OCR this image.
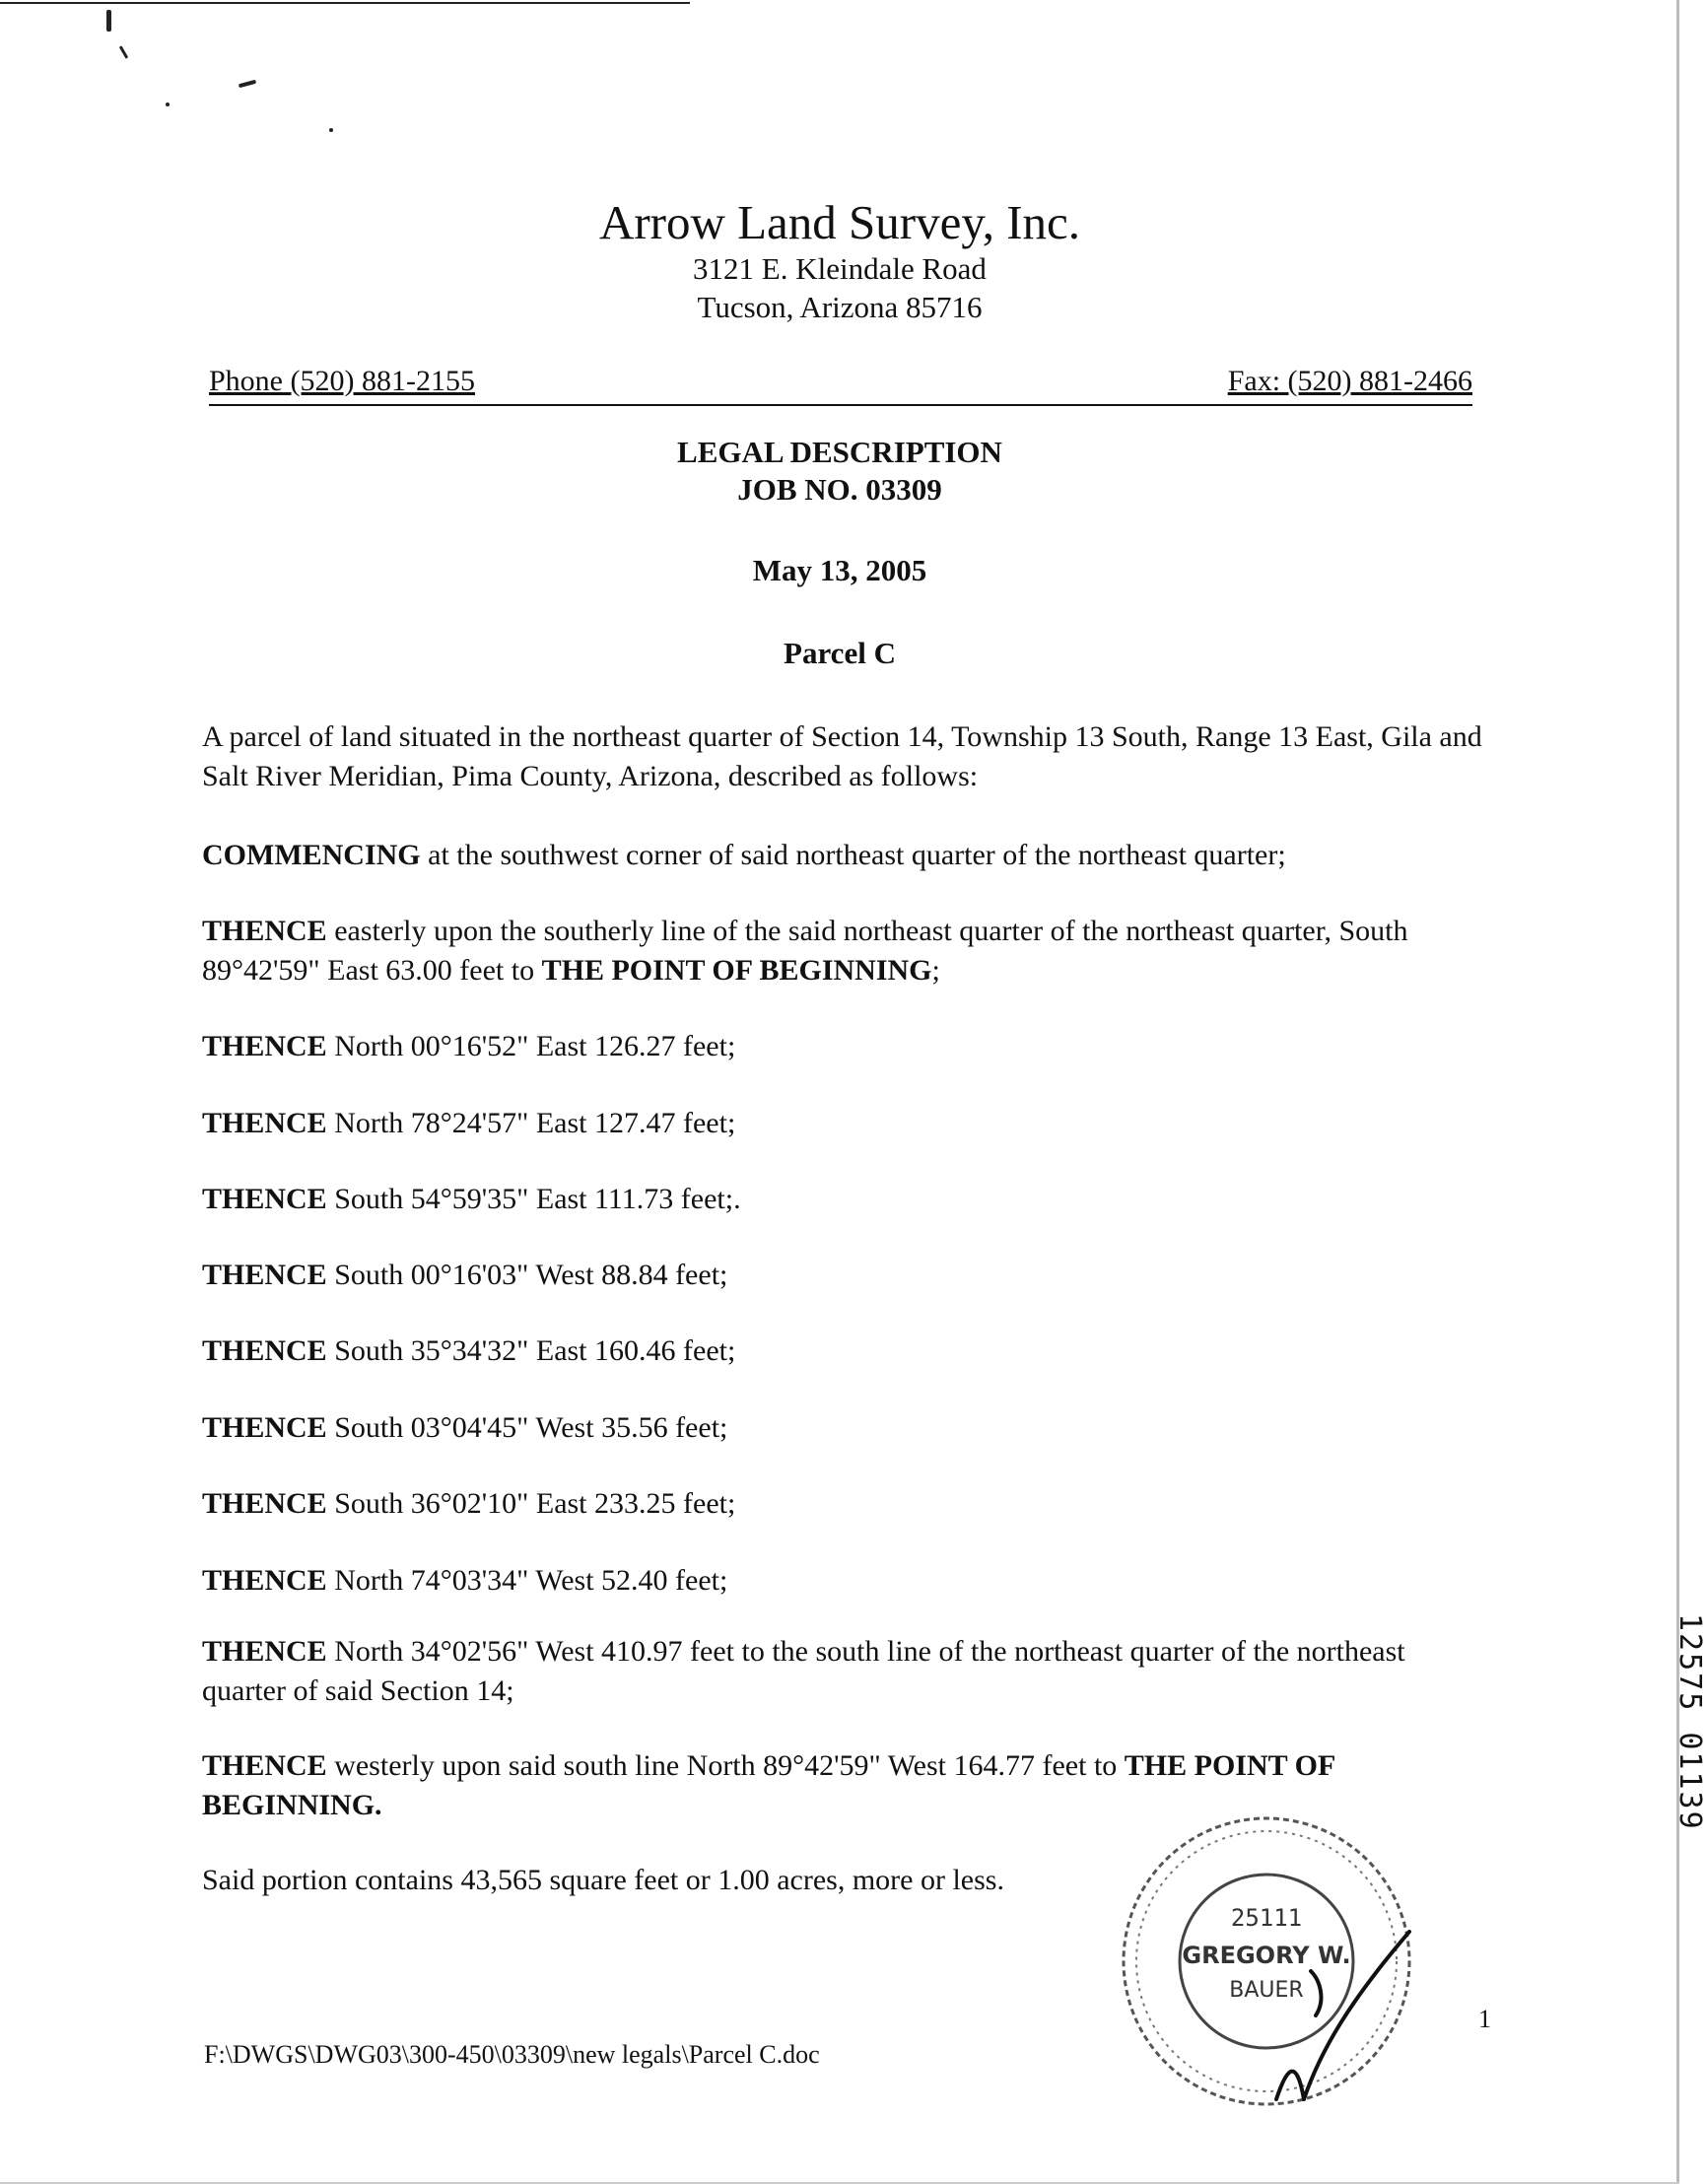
Arrow Land Survey, Inc.
3121 E. Kleindale Road
Tucson, Arizona 85716
Phone (520) 881-2155	Fax: (520) 881-2466
LEGAL DESCRIPTION
JOB NO. 03309
May 13, 2005
Parcel C
A parcel of land situated in the northeast quarter of Section 14, Township 13 South, Range 13 East, Gila and Salt River Meridian, Pima County, Arizona, described as follows:
COMMENCING at the southwest corner of said northeast quarter of the northeast quarter;
THENCE easterly upon the southerly line of the said northeast quarter of the northeast quarter, South 89°42'59" East 63.00 feet to THE POINT OF BEGINNING;
THENCE North 00°16'52" East 126.27 feet;
THENCE North 78°24'57" East 127.47 feet;
THENCE South 54°59'35" East 111.73 feet;.
THENCE South 00°16'03" West 88.84 feet;
THENCE South 35°34'32" East 160.46 feet;
THENCE South 03°04'45" West 35.56 feet;
THENCE South 36°02'10" East 233.25 feet;
THENCE North 74°03'34" West 52.40 feet;
THENCE North 34°02'56" West 410.97 feet to the south line of the northeast quarter of the northeast quarter of said Section 14;
THENCE westerly upon said south line North 89°42'59" West 164.77 feet to THE POINT OF BEGINNING.
Said portion contains 43,565 square feet or 1.00 acres, more or less.
F:\DWGS\DWG03\300-450\03309\new legals\Parcel C.doc
1
12575 01139
25111
GREGORY W.
BAUER
